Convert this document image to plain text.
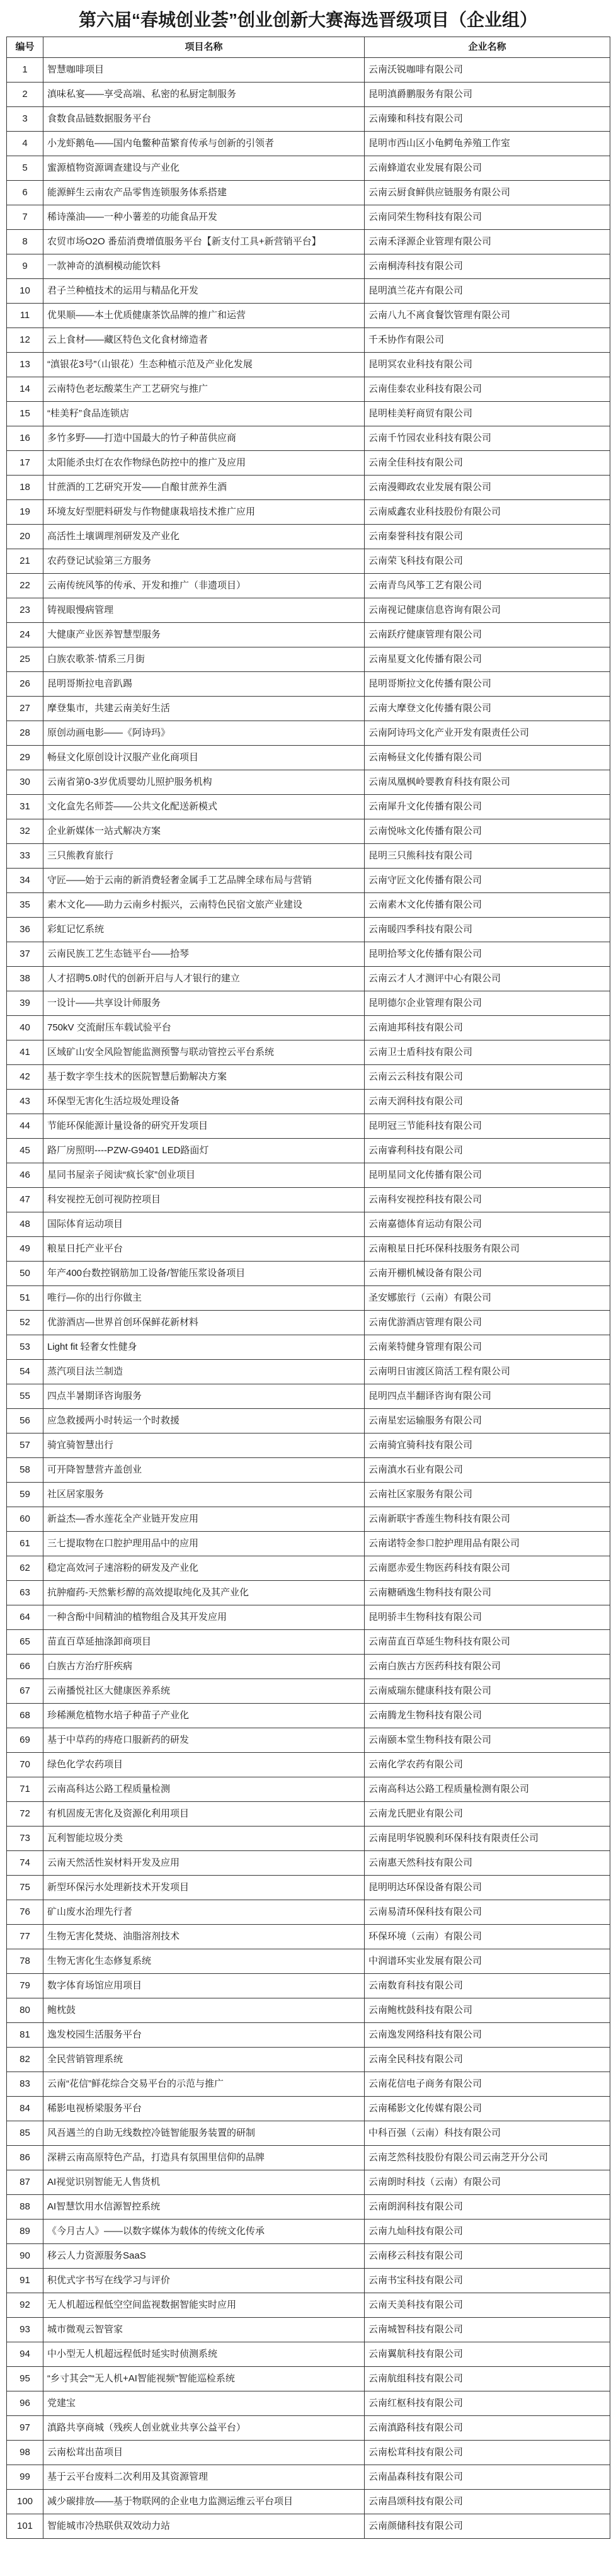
第六届“春城创业荟”创业创新大赛海选晋级项目（企业组）
编号	项目名称	企业名称
1	智慧咖啡项目	云南沃锐咖啡有限公司
2	滇味私宴——享受高端、私密的私厨定制服务	昆明滇爵鹏服务有限公司
3	食数食品链数据服务平台	云南臻和科技有限公司
4	小龙虾鹅龟——国内龟鳖种苗繁育传承与创新的引领者	昆明市西山区小龟鳄龟养殖工作室
5	蜜源植物资源调查建设与产业化	云南蜂道农业发展有限公司
6	能源鲜生云南农产品零售连锁服务体系搭建	云南云厨食鲜供应链服务有限公司
7	稀诗藻油——一种小薯差的功能食品开发	云南同荣生物科技有限公司
8	农贸市场O2O 番茄消费增值服务平台【新支付工具+新营销平台】	云南禾泽源企业管理有限公司
9	一款神奇的滇桐模动能饮料	云南桐涛科技有限公司
10	君子兰种植技术的运用与精品化开发	昆明滇兰花卉有限公司
11	优果顺——本土优质健康茶饮品牌的推广和运营	云南八九不离食餐饮管理有限公司
12	云上食材——藏区特色文化食材缔造者	千禾协作有限公司
13	“滇银花3号”（山银花）生态种植示范及产业化发展	昆明冥农业科技有限公司
14	云南特色老坛酸菜生产工艺研究与推广	云南佳泰农业科技有限公司
15	“桂美籽”食品连锁店	昆明桂美籽商贸有限公司
16	多竹多野——打造中国最大的竹子种苗供应商	云南千竹园农业科技有限公司
17	太阳能杀虫灯在农作物绿色防控中的推广及应用	云南全佳科技有限公司
18	甘蔗酒的工艺研究开发——自酿甘蔗养生酒	云南漫卿政农业发展有限公司
19	环境友好型肥料研发与作物健康栽培技术推广应用	云南威鑫农业科技股份有限公司
20	高活性土壤调理剂研发及产业化	云南秦誉科技有限公司
21	农药登记试验第三方服务	云南荣飞科技有限公司
22	云南传统风筝的传承、开发和推广（非遗项目）	云南青鸟风筝工艺有限公司
23	铸视眼慢病管理	云南视记健康信息咨询有限公司
24	大健康产业医养智慧型服务	云南跃疗健康管理有限公司
25	白族农歌茶·情系三月街	云南星夏文化传播有限公司
26	昆明哥斯拉电音趴踢	昆明哥斯拉文化传播有限公司
27	摩登集市，共建云南美好生活	云南大摩登文化传播有限公司
28	原创动画电影——《阿诗玛》	云南阿诗玛文化产业开发有限责任公司
29	畅昼文化原创设计汉服产业化商项目	云南畅昼文化传播有限公司
30	云南省第0-3岁优质婴幼儿照护服务机构	云南凤凰枫岭婴教育科技有限公司
31	文化盒先名师荟——公共文化配送新模式	云南犀升文化传播有限公司
32	企业新媒体一站式解决方案	云南悦咏文化传播有限公司
33	三只熊教育旅行	昆明三只熊科技有限公司
34	守匠——始于云南的新消费轻奢金属手工艺品牌全球布局与营销	云南守匠文化传播有限公司
35	素木文化——助力云南乡村振兴，云南特色民宿文旅产业建设	云南素木文化传播有限公司
36	彩虹记忆系统	云南暖四季科技有限公司
37	云南民族工艺生态链平台——拾琴	昆明拾琴文化传播有限公司
38	人才招聘5.0时代的创新开启与人才银行的建立	云南云才人才测评中心有限公司
39	一设计——共享设计师服务	昆明德尔企业管理有限公司
40	750kV 交流耐压车载试验平台	云南迪邦科技有限公司
41	区域矿山安全风险智能监测预警与联动管控云平台系统	云南卫士盾科技有限公司
42	基于数字孪生技术的医院智慧后勤解决方案	云南云云科技有限公司
43	环保型无害化生活垃圾处理设备	云南天润科技有限公司
44	节能环保能源计量设备的研究开发项目	昆明冠三节能科技有限公司
45	路厂房照明----PZW-G9401 LED路面灯	云南睿利科技有限公司
46	星同书屋亲子阅读“疯长家”创业项目	昆明星同文化传播有限公司
47	科安视控无创可视防控项目	云南科安视控科技有限公司
48	国际体育运动项目	云南嘉德体育运动有限公司
49	粮星日托产业平台	云南粮星日托环保科技服务有限公司
50	年产400台数控钢筋加工设备/智能压浆设备项目	云南开棚机械设备有限公司
51	唯行—你的出行你做主	圣安娜旅行（云南）有限公司
52	优游酒店—世界首创环保鲜花新材料	云南优游酒店管理有限公司
53	Light fit 轻奢女性健身	云南莱特健身管理有限公司
54	蒸汽项目法兰制造	云南明日宙渡区筒活工程有限公司
55	四点半暑期译咨询服务	昆明四点半翻译咨询有限公司
56	应急救援两小时转运一个时救援	云南星宏运输服务有限公司
57	骑宜骑智慧出行	云南骑宜骑科技有限公司
58	可开降智慧营卉盖创业	云南滇水石业有限公司
59	社区居家服务	云南社区家服务有限公司
60	新益杰—香水莲花全产业链开发应用	云南新联宇香莲生物科技有限公司
61	三七提取物在口腔护理用品中的应用	云南诺特金参口腔护理用品有限公司
62	稳定高效河子速溶粉的研发及产业化	云南愿赤爱生物医药科技有限公司
63	抗肿瘤药-天然紫杉醇的高效提取纯化及其产业化	云南糖硒逸生物科技有限公司
64	一种含酚中间精油的植物组合及其开发应用	昆明骄丰生物科技有限公司
65	苗直百草延抽涤卸商项目	云南苗直百草延生物科技有限公司
66	白族古方治疗肝疾病	云南白族古方医药科技有限公司
67	云南播悦社区大健康医养系统	云南威瑞东健康科技有限公司
68	珍稀濒危植物水培子种苗子产业化	云南腾龙生物科技有限公司
69	基于中草药的痔疮口服新药的研发	云南颐本堂生物科技有限公司
70	绿色化学农药项目	云南化学农药有限公司
71	云南高科达公路工程质量检测	云南高科达公路工程质量检测有限公司
72	有机固废无害化及资源化利用项目	云南龙氏肥业有限公司
73	瓦利智能垃圾分类	云南昆明华锐膜利环保科技有限责任公司
74	云南天然活性炭材料开发及应用	云南惠天然科技有限公司
75	新型环保污水处理新技术开发项目	昆明明达环保设备有限公司
76	矿山废水治理先行者	云南易清环保科技有限公司
77	生物无害化焚烧、油脂溶剂技术	环保环境（云南）有限公司
78	生物无害化生态修复系统	中润谱环实业发展有限公司
79	数字体育场馆应用项目	云南数育科技有限公司
80	鲍枕鼓	云南鲍枕鼓科技有限公司
81	逸发校园生活服务平台	云南逸发网络科技有限公司
82	全民营销管理系统	云南全民科技有限公司
83	云南“花信”鲜花综合交易平台的示范与推广	云南花信电子商务有限公司
84	稀影电视桥梁服务平台	云南稀影文化传媒有限公司
85	风吾遇兰的自助无线数控冷链智能服务装置的研制	中科百强（云南）科技有限公司
86	深耕云南高原特色产品，打造具有氛围里信仰的品牌	云南芝然科技股份有限公司云南芝开分公司
87	AI视觉识别智能无人售货机	云南朗时科技（云南）有限公司
88	AI智慧饮用水信源智控系统	云南朗润科技有限公司
89	《今月古人》——以数字媒体为载体的传统文化传承	云南九灿科技有限公司
90	移云人力资源服务SaaS	云南移云科技有限公司
91	积优式字书写在线学习与评价	云南书宝科技有限公司
92	无人机超远程低空空间监视数据智能实时应用	云南天美科技有限公司
93	城市微观云智管家	云南城智科技有限公司
94	中小型无人机超远程低时延实时侦测系统	云南翼航科技有限公司
95	“乡寸其会”“无人机+AI智能视频”智能巡检系统	云南航组科技有限公司
96	党建宝	云南红枢科技有限公司
97	滇路共享商城（残疾人创业就业共享公益平台）	云南滇路科技有限公司
98	云南松茸出苗项目	云南松茸科技有限公司
99	基于云平台废料二次利用及其资源管理	云南晶森科技有限公司
100	减少碳排放——基于物联网的企业电力监测运维云平台项目	云南昌颂科技有限公司
101	智能城市冷热联供双效动力站	云南颜储科技有限公司
